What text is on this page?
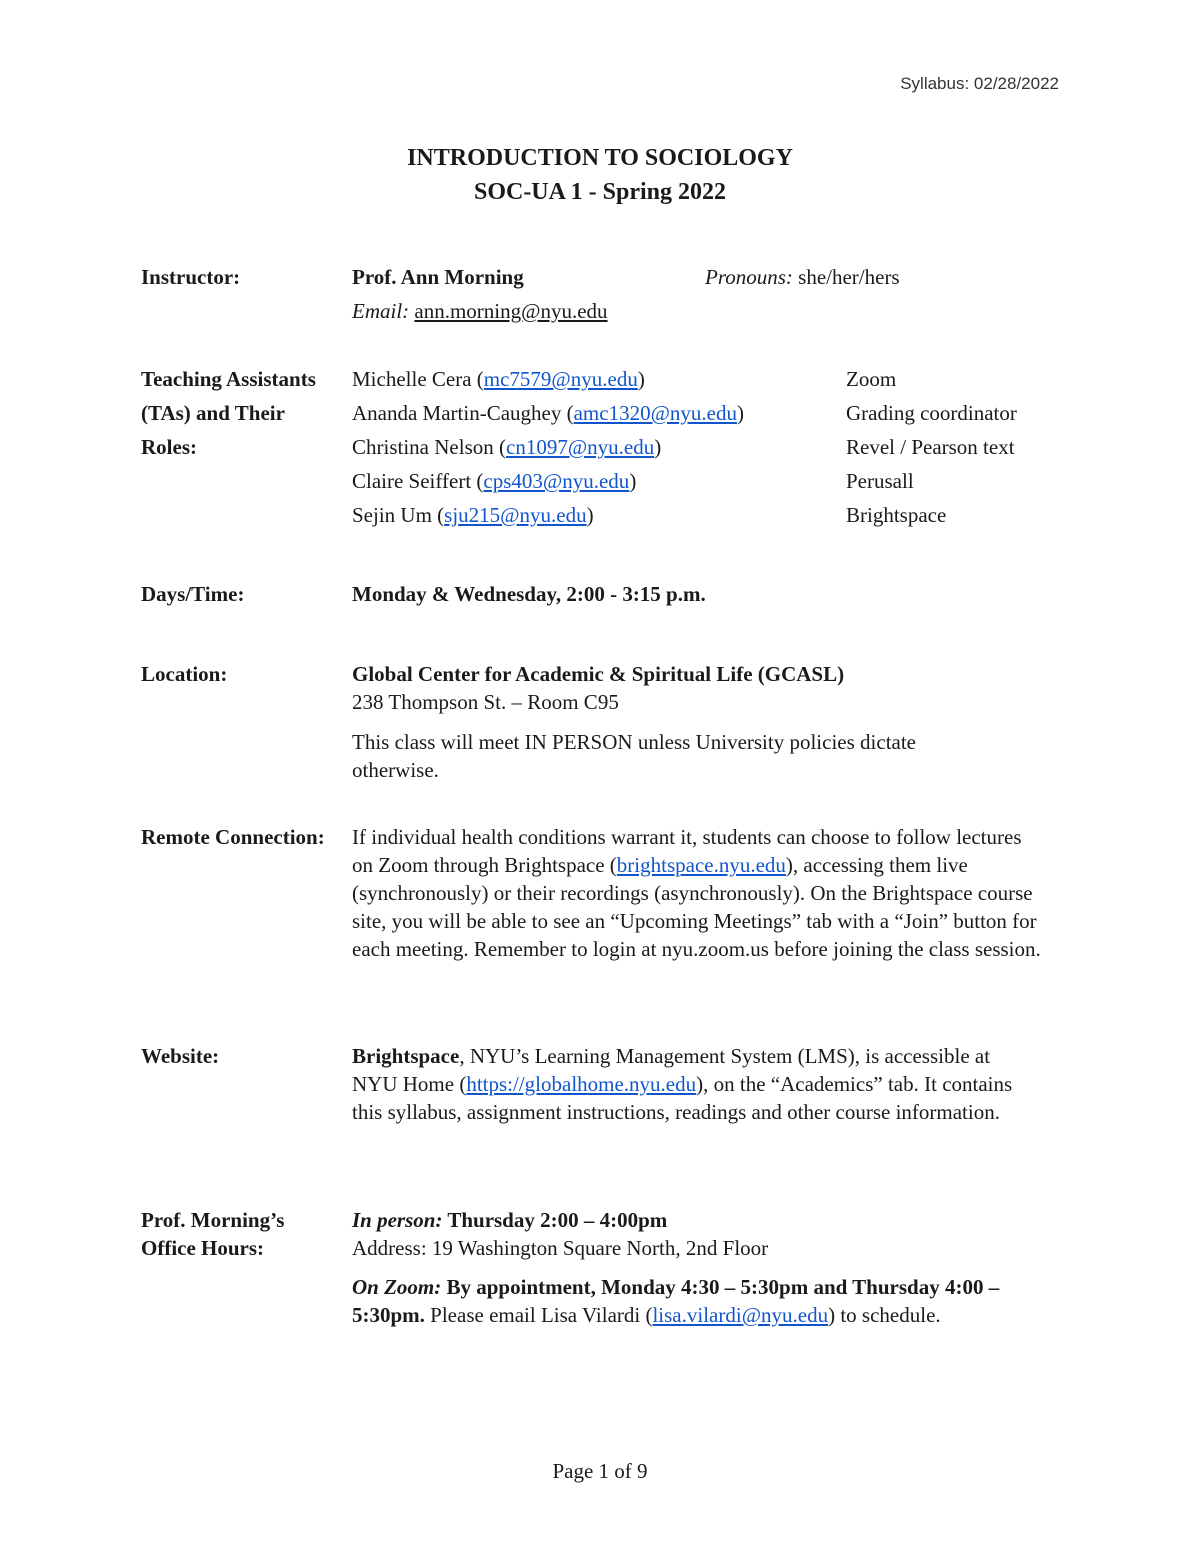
Syllabus: 02/28/2022
INTRODUCTION TO SOCIOLOGY
SOC-UA 1 - Spring 2022
Instructor:	Prof. Ann Morning	Pronouns: she/her/hers
Email: ann.morning@nyu.edu
Teaching Assistants
(TAs) and Their
Roles:
Michelle Cera (mc7579@nyu.edu)	Zoom
Ananda Martin-Caughey (amc1320@nyu.edu)	Grading coordinator
Christina Nelson (cn1097@nyu.edu)	Revel / Pearson text
Claire Seiffert (cps403@nyu.edu)	Perusall
Sejin Um (sju215@nyu.edu)	Brightspace
Days/Time:	Monday & Wednesday, 2:00 - 3:15 p.m.
Location:	Global Center for Academic & Spiritual Life (GCASL)
238 Thompson St. – Room C95
This class will meet IN PERSON unless University policies dictate otherwise.
Remote Connection: If individual health conditions warrant it, students can choose to follow lectures on Zoom through Brightspace (brightspace.nyu.edu), accessing them live (synchronously) or their recordings (asynchronously). On the Brightspace course site, you will be able to see an “Upcoming Meetings” tab with a “Join” button for each meeting. Remember to login at nyu.zoom.us before joining the class session.
Website:	Brightspace, NYU’s Learning Management System (LMS), is accessible at NYU Home (https://globalhome.nyu.edu), on the “Academics” tab. It contains this syllabus, assignment instructions, readings and other course information.
Prof. Morning’s
Office Hours:
In person: Thursday 2:00 – 4:00pm
Address: 19 Washington Square North, 2nd Floor
On Zoom: By appointment, Monday 4:30 – 5:30pm and Thursday 4:00 – 5:30pm. Please email Lisa Vilardi (lisa.vilardi@nyu.edu) to schedule.
Page 1 of 9
